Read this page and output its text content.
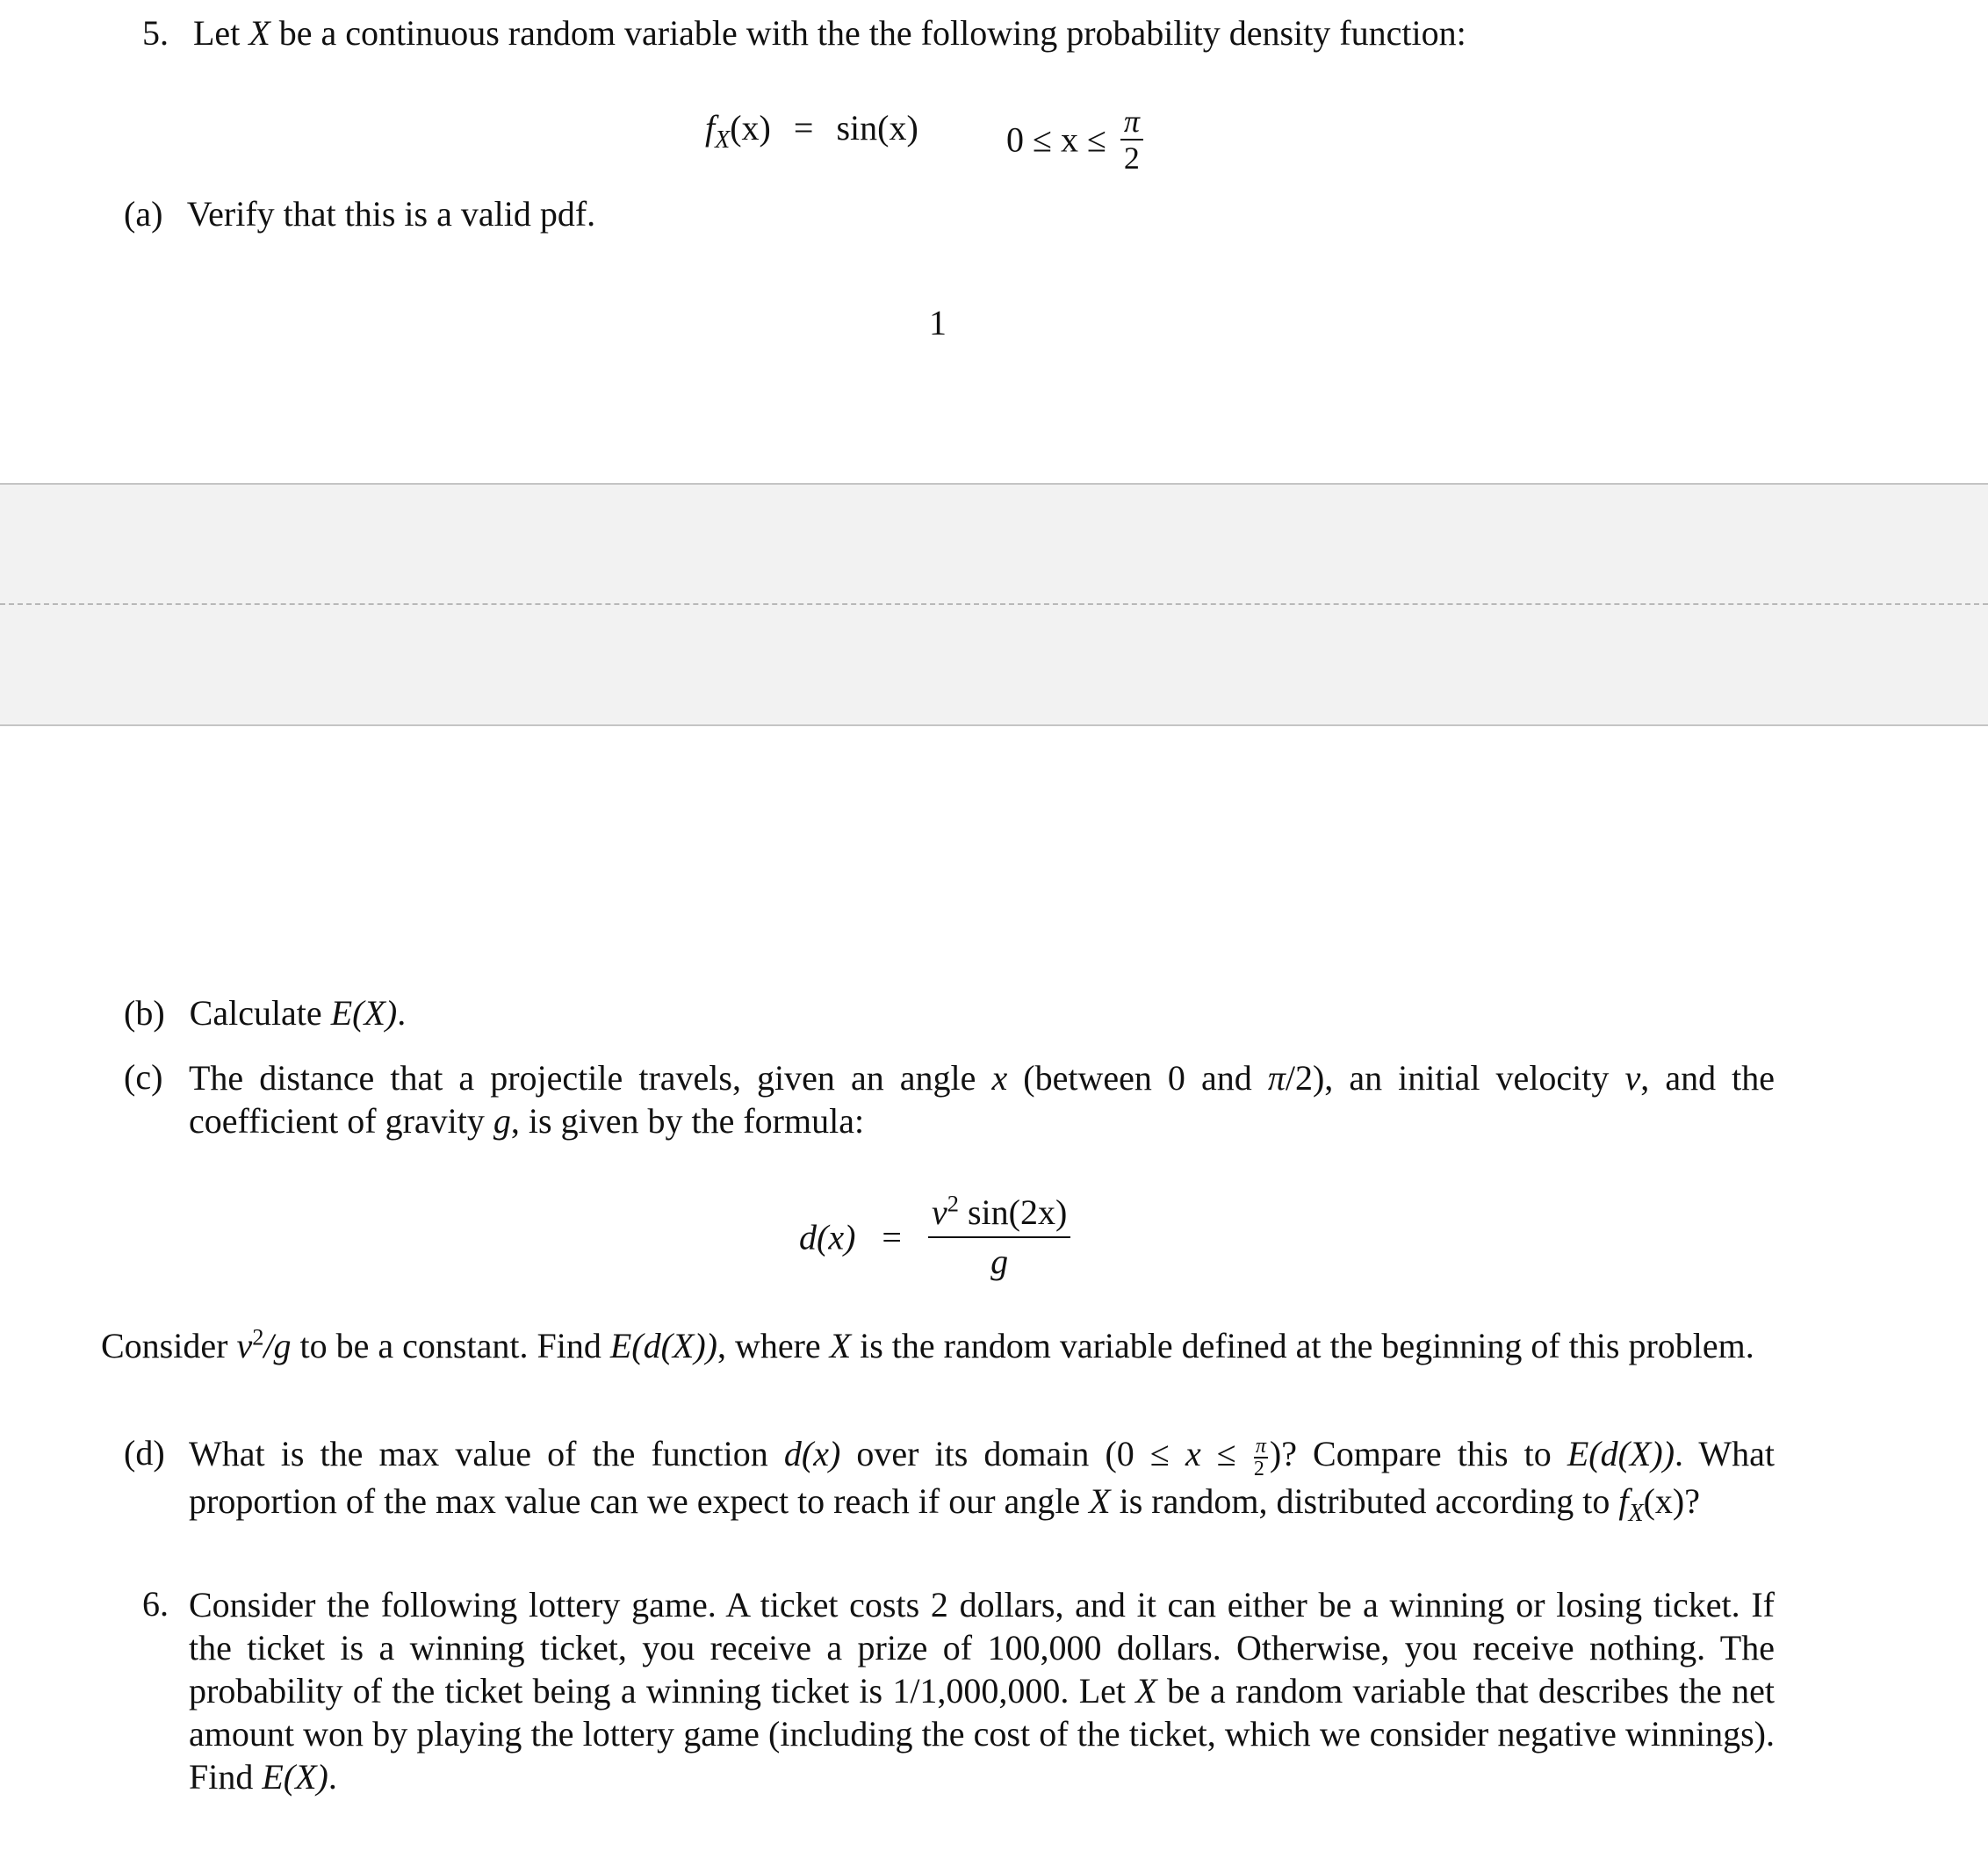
5. Let X be a continuous random variable with the the following probability density function:
$f_X(x) = \sin(x)$	$0 \le x \le \frac{\pi}{2}$
(a) Verify that this is a valid pdf.
1
(b) Calculate E(X).
(c) The distance that a projectile travels, given an angle x (between 0 and π/2), an initial velocity v, and the coefficient of gravity g, is given by the formula:
$d(x) = \frac{v^2 \sin(2x)}{g}$
Consider $v^2/g$ to be a constant. Find E(d(X)), where X is the random variable defined at the beginning of this problem.
(d) What is the max value of the function d(x) over its domain ($0 \le x \le \frac{\pi}{2}$ )? Compare this to E(d(X)). What proportion of the max value can we expect to reach if our angle X is random, distributed according to $f_X(x)$?
6. Consider the following lottery game. A ticket costs 2 dollars, and it can either be a winning or losing ticket. If the ticket is a winning ticket, you receive a prize of 100,000 dollars. Otherwise, you receive nothing. The probability of the ticket being a winning ticket is 1/1,000,000. Let X be a random variable that describes the net amount won by playing the lottery game (including the cost of the ticket, which we consider negative winnings). Find E(X).
